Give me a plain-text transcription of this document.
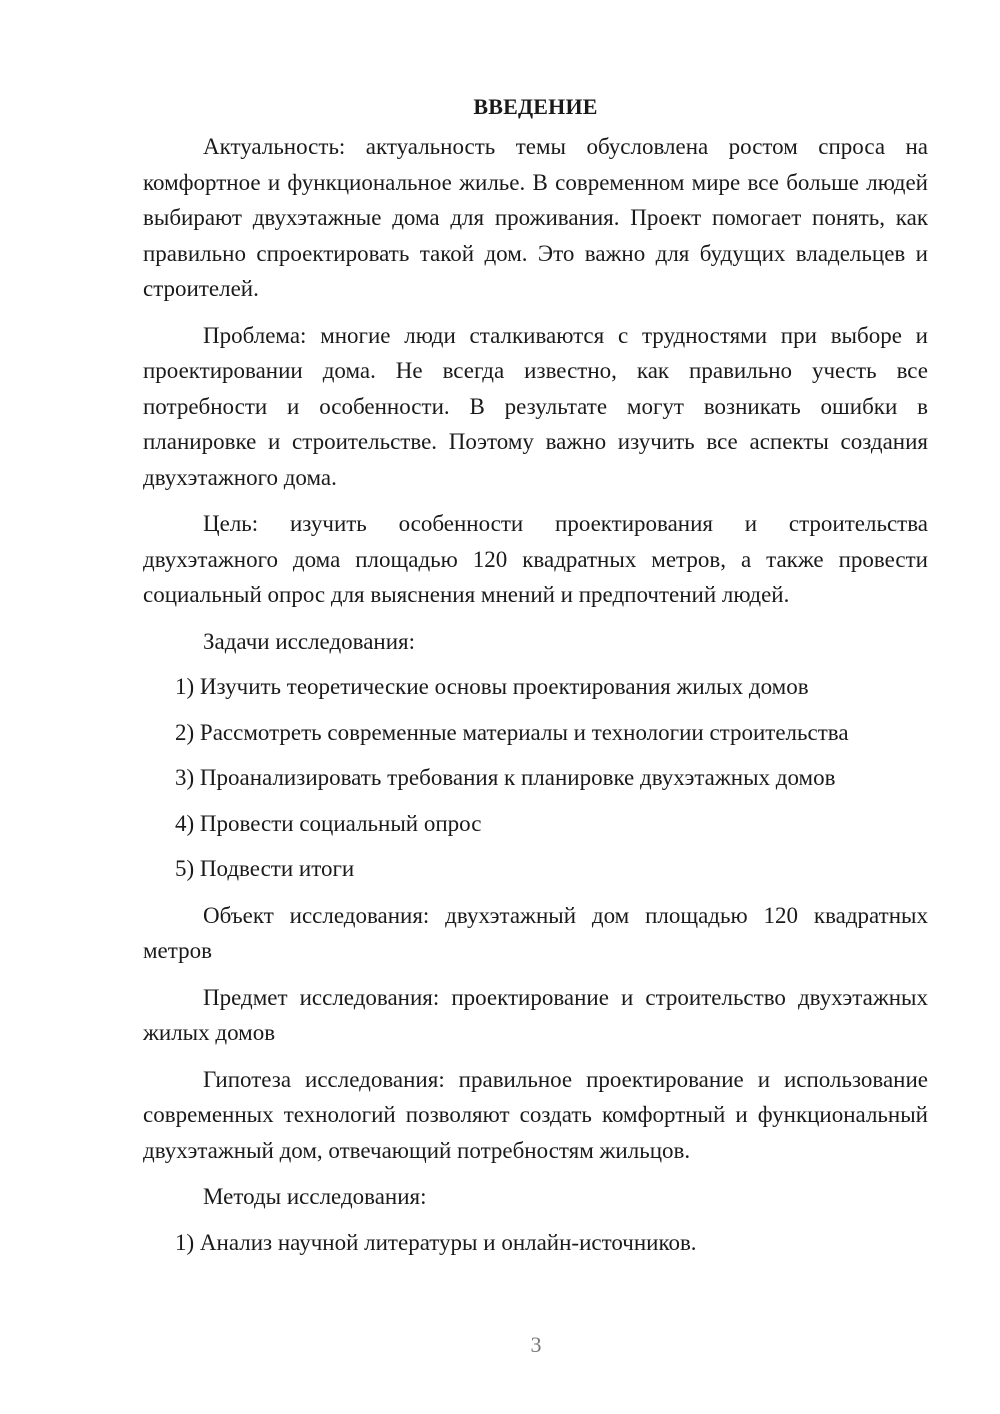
ВВЕДЕНИЕ

Актуальность: актуальность темы обусловлена ростом спроса на комфортное и функциональное жилье. В современном мире все больше людей выбирают двухэтажные дома для проживания. Проект помогает понять, как правильно спроектировать такой дом. Это важно для будущих владельцев и строителей.

Проблема: многие люди сталкиваются с трудностями при выборе и проектировании дома. Не всегда известно, как правильно учесть все потребности и особенности. В результате могут возникать ошибки в планировке и строительстве. Поэтому важно изучить все аспекты создания двухэтажного дома.

Цель: изучить особенности проектирования и строительства двухэтажного дома площадью 120 квадратных метров, а также провести социальный опрос для выяснения мнений и предпочтений людей.

Задачи исследования:

1) Изучить теоретические основы проектирования жилых домов
2) Рассмотреть современные материалы и технологии строительства
3) Проанализировать требования к планировке двухэтажных домов
4) Провести социальный опрос
5) Подвести итоги

Объект исследования: двухэтажный дом площадью 120 квадратных метров

Предмет исследования: проектирование и строительство двухэтажных жилых домов

Гипотеза исследования: правильное проектирование и использование современных технологий позволяют создать комфортный и функциональный двухэтажный дом, отвечающий потребностям жильцов.

Методы исследования:

1) Анализ научной литературы и онлайн-источников.
3
